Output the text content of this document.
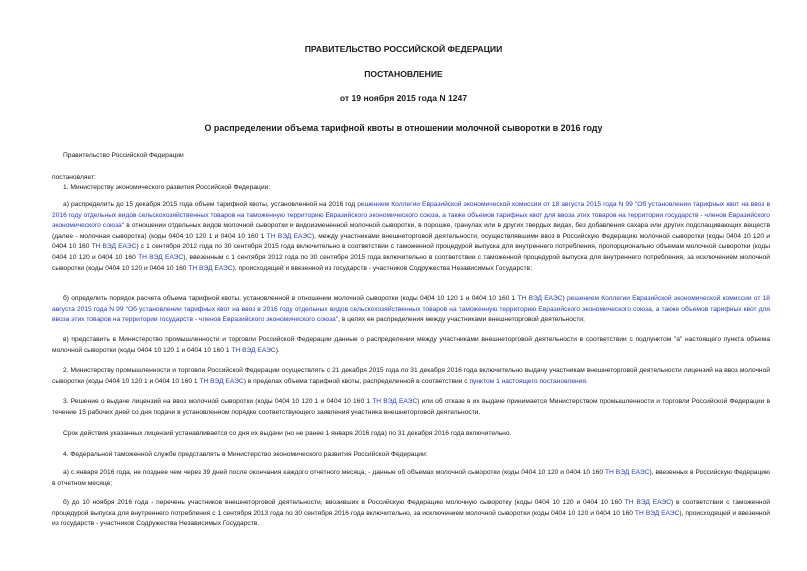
ПРАВИТЕЛЬСТВО РОССИЙСКОЙ ФЕДЕРАЦИИ
ПОСТАНОВЛЕНИЕ
от 19 ноября 2015 года N 1247
О распределении объема тарифной квоты в отношении молочной сыворотки в 2016 году

Правительство Российской Федерации

постановляет:

1. Министерству экономического развития Российской Федерации:

а) распределить до 15 декабря 2015 года объем тарифной квоты, установленной на 2016 год решением Коллегии Евразийской экономической комиссии от 18 августа 2015 года N 99 "Об установлении тарифных квот на ввоз в 2016 году отдельных видов сельскохозяйственных товаров на таможенную территорию Евразийского экономического союза, а также объемов тарифных квот для ввоза этих товаров на территории государств - членов Евразийского экономического союза" в отношении отдельных видов молочной сыворотки и видоизмененной молочной сыворотки, в порошке, гранулах или в других твердых видах, без добавления сахара или других подслащивающих веществ (далее - молочная сыворотка) (коды 0404 10 120 1 и 0404 10 160 1 ТН ВЭД ЕАЭС), между участниками внешнеторговой деятельности, осуществлявшими ввоз в Российскую Федерацию молочной сыворотки (коды 0404 10 120 и 0404 10 160 ТН ВЭД ЕАЭС) с 1 сентября 2012 года по 30 сентября 2015 года включительно в соответствии с таможенной процедурой выпуска для внутреннего потребления, пропорционально объемам молочной сыворотки (коды 0404 10 120 и 0404 10 160 ТН ВЭД ЕАЭС), ввезенным с 1 сентября 2012 года по 30 сентября 2015 года включительно в соответствии с таможенной процедурой выпуска для внутреннего потребления, за исключением молочной сыворотки (коды 0404 10 120 и 0404 10 160 ТН ВЭД ЕАЭС), происходящей и ввезенной из государств - участников Содружества Независимых Государств;

б) определить порядок расчета объема тарифной квоты, установленной в отношении молочной сыворотки (коды 0404 10 120 1 и 0404 10 160 1 ТН ВЭД ЕАЭС) решением Коллегии Евразийской экономической комиссии от 18 августа 2015 года N 99 "Об установлении тарифных квот на ввоз в 2016 году отдельных видов сельскохозяйственных товаров на таможенную территорию Евразийского экономического союза, а также объемов тарифных квот для ввоза этих товаров на территории государств - членов Евразийского экономического союза", в целях ее распределения между участниками внешнеторговой деятельности;

в) представить в Министерство промышленности и торговли Российской Федерации данные о распределении между участниками внешнеторговой деятельности в соответствии с подпунктом "а" настоящего пункта объема молочной сыворотки (коды 0404 10 120 1 и 0404 10 160 1 ТН ВЭД ЕАЭС).

2. Министерству промышленности и торговли Российской Федерации осуществлять с 21 декабря 2015 года по 31 декабря 2016 года включительно выдачу участникам внешнеторговой деятельности лицензий на ввоз молочной сыворотки (коды 0404 10 120 1 и 0404 10 160 1 ТН ВЭД ЕАЭС) в пределах объема тарифной квоты, распределенной в соответствии с пунктом 1 настоящего постановления.

3. Решение о выдаче лицензий на ввоз молочной сыворотки (коды 0404 10 120 1 и 0404 10 160 1 ТН ВЭД ЕАЭС) или об отказе в их выдаче принимается Министерством промышленности и торговли Российской Федерации в течение 15 рабочих дней со дня подачи в установленном порядке соответствующего заявления участника внешнеторговой деятельности.

Срок действия указанных лицензий устанавливается со дня их выдачи (но не ранее 1 января 2016 года) по 31 декабря 2016 года включительно.

4. Федеральной таможенной службе представлять в Министерство экономического развития Российской Федерации:

а) с января 2016 года, не позднее чем через 39 дней после окончания каждого отчетного месяца, - данные об объемах молочной сыворотки (коды 0404 10 120 и 0404 10 160 ТН ВЭД ЕАЭС), ввезенных в Российскую Федерацию в отчетном месяце;

б) до 10 ноября 2016 года - перечень участников внешнеторговой деятельности, ввозивших в Российскую Федерацию молочную сыворотку (коды 0404 10 120 и 0404 10 160 ТН ВЭД ЕАЭС) в соответствии с таможенной процедурой выпуска для внутреннего потребления с 1 сентября 2013 года по 30 сентября 2016 года включительно, за исключением молочной сыворотки (коды 0404 10 120 и 0404 10 160 ТН ВЭД ЕАЭС), происходящей и ввезенной из государств - участников Содружества Независимых Государств.
